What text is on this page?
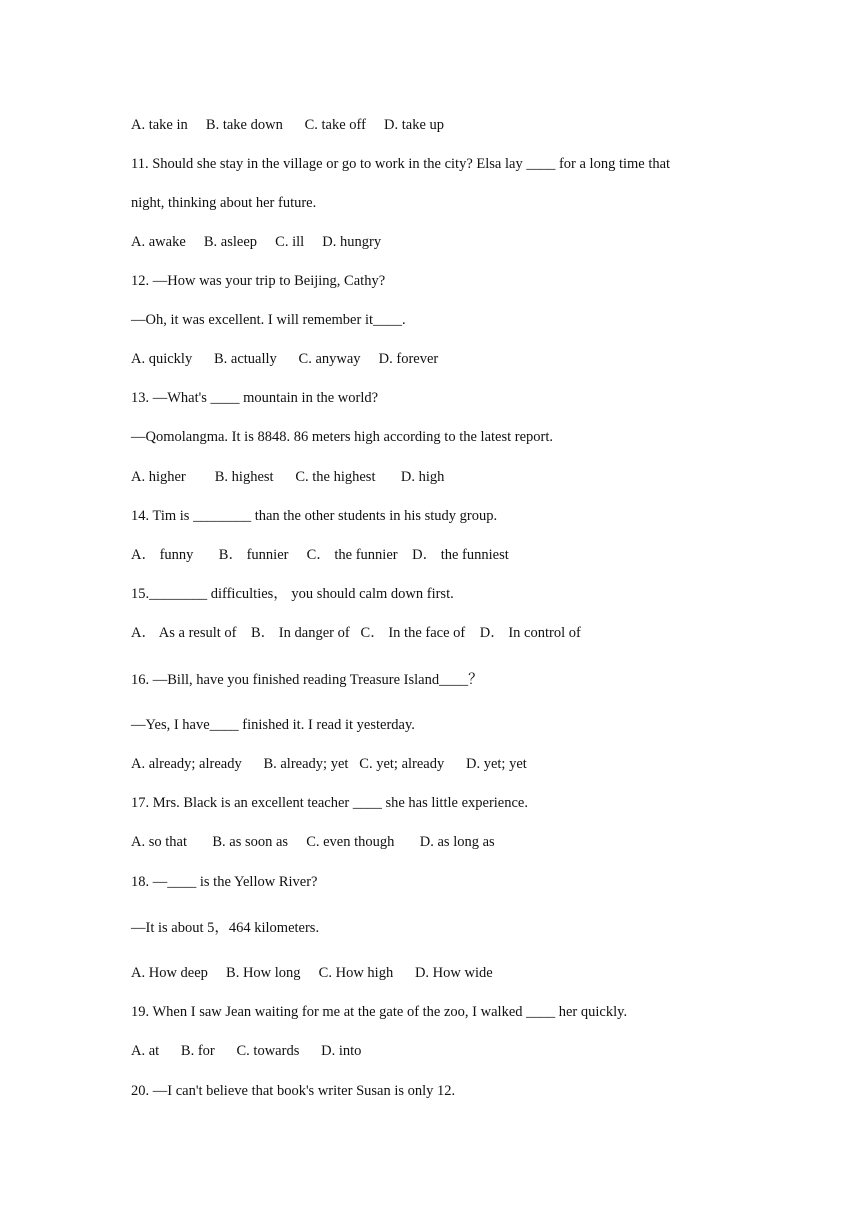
A. take in     B. take down      C. take off     D. take up
11. Should she stay in the village or go to work in the city? Elsa lay ____ for a long time that
night, thinking about her future.
A. awake     B. asleep     C. ill     D. hungry
12. —How was your trip to Beijing, Cathy?
—Oh, it was excellent. I will remember it____.
A. quickly      B. actually      C. anyway     D. forever
13. —What's ____ mountain in the world?
—Qomolangma. It is 8848. 86 meters high according to the latest report.
A. higher        B. highest      C. the highest       D. high
14. Tim is ________ than the other students in his study group.
A． funny       B． funnier     C． the funnier    D． the funniest
15.________ difficulties， you should calm down first.
A． As a result of    B． In danger of   C． In the face of    D． In control of
16. —Bill, have you finished reading Treasure Island____？
—Yes, I have____ finished it. I read it yesterday.
A. already; already      B. already; yet   C. yet; already      D. yet; yet
17. Mrs. Black is an excellent teacher ____ she has little experience.
A. so that       B. as soon as     C. even though       D. as long as
18. —____ is the Yellow River?
—It is about 5，464 kilometers.
A. How deep     B. How long     C. How high      D. How wide
19. When I saw Jean waiting for me at the gate of the zoo, I walked ____ her quickly.
A. at      B. for      C. towards      D. into
20. —I can't believe that book's writer Susan is only 12.
